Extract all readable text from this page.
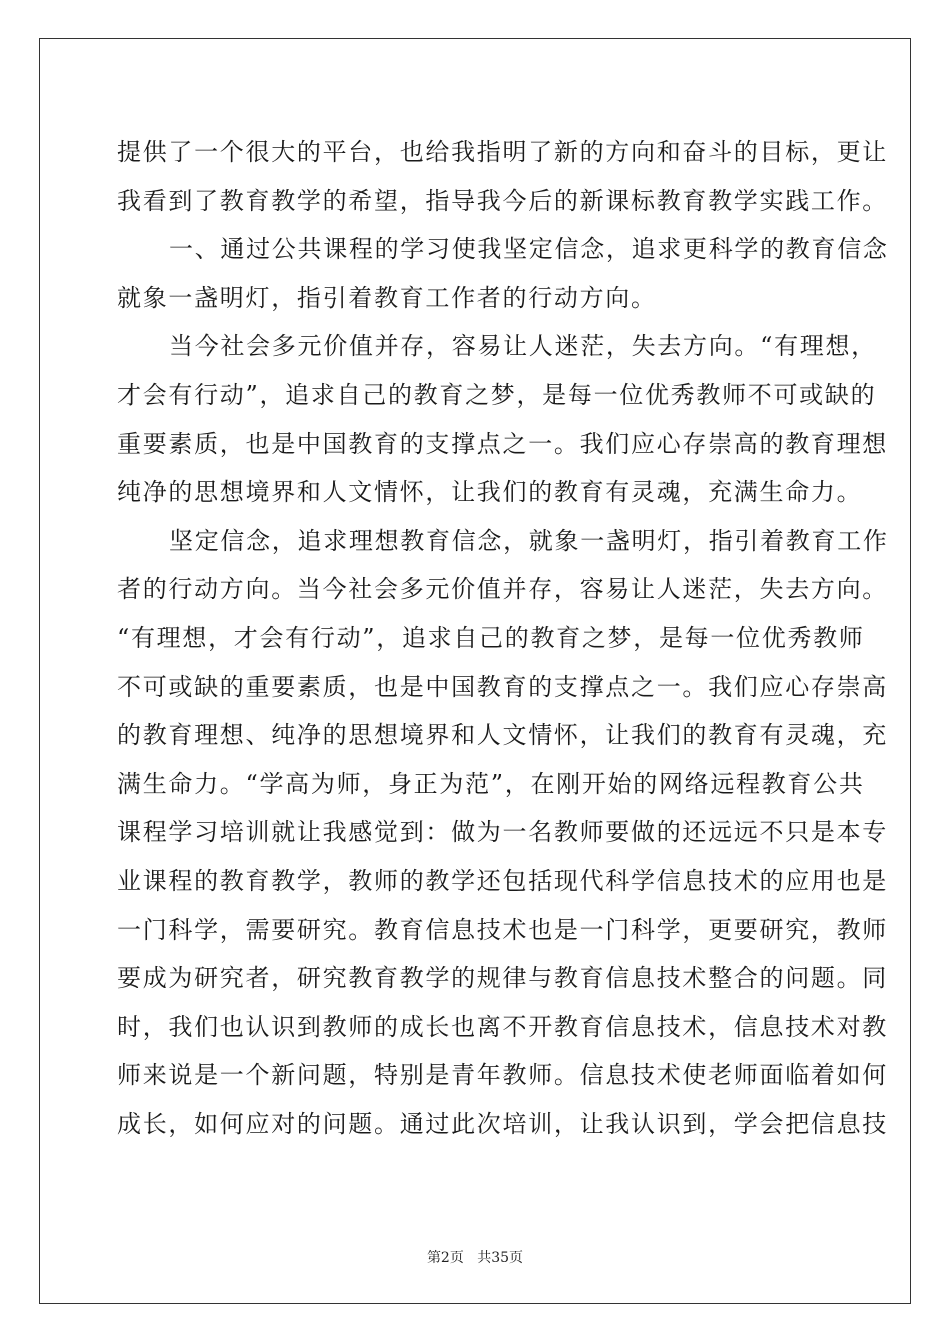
提供了一个很大的平台，也给我指明了新的方向和奋斗的目标，更让
我看到了教育教学的希望，指导我今后的新课标教育教学实践工作。
一、通过公共课程的学习使我坚定信念，追求更科学的教育信念
就象一盏明灯，指引着教育工作者的行动方向。
当今社会多元价值并存，容易让人迷茫，失去方向。“有理想，
才会有行动”，追求自己的教育之梦，是每一位优秀教师不可或缺的
重要素质，也是中国教育的支撑点之一。我们应心存崇高的教育理想
纯净的思想境界和人文情怀，让我们的教育有灵魂，充满生命力。
坚定信念，追求理想教育信念，就象一盏明灯，指引着教育工作
者的行动方向。当今社会多元价值并存，容易让人迷茫，失去方向。
“有理想，才会有行动”，追求自己的教育之梦，是每一位优秀教师
不可或缺的重要素质，也是中国教育的支撑点之一。我们应心存崇高
的教育理想、纯净的思想境界和人文情怀，让我们的教育有灵魂，充
满生命力。“学高为师，身正为范”，在刚开始的网络远程教育公共
课程学习培训就让我感觉到：做为一名教师要做的还远远不只是本专
业课程的教育教学，教师的教学还包括现代科学信息技术的应用也是
一门科学，需要研究。教育信息技术也是一门科学，更要研究，教师
要成为研究者，研究教育教学的规律与教育信息技术整合的问题。同
时，我们也认识到教师的成长也离不开教育信息技术，信息技术对教
师来说是一个新问题，特别是青年教师。信息技术使老师面临着如何
成长，如何应对的问题。通过此次培训，让我认识到，学会把信息技
第2页 共35页
